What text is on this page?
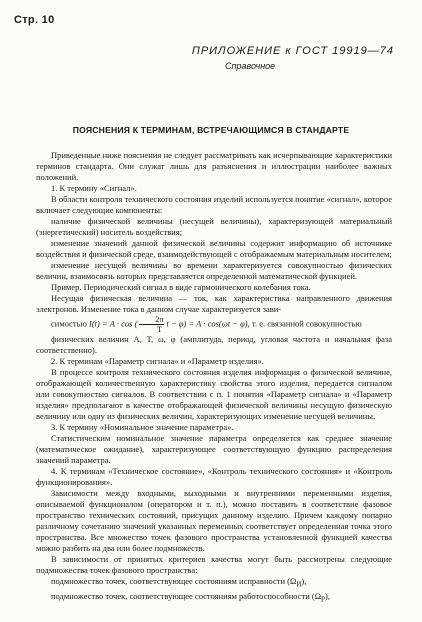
Стр. 10
ПРИЛОЖЕНИЕ к ГОСТ 19919—74
Справочное
ПОЯСНЕНИЯ К ТЕРМИНАМ, ВСТРЕЧАЮЩИМСЯ В СТАНДАРТЕ

Приведенные ниже пояснения не следует рассматривать как исчерпывающие характеристики терминов стандарта. Они служат лишь для разъяснения и иллюстрации наиболее важных положений.

1. К термину «Сигнал».

В области контроля технического состояния изделий используется понятие «сигнал», которое включает следующие компоненты:

наличие физической величины (несущей величины), характеризующей материальный (энергетический) носитель воздействия;

изменение значений данной физической величины содержит информацию об источнике воздействия и физической среде, взаимодействующей с отображаемым материальным носителем;

изменение несущей величины во времени характеризуется совокупностью физических величин, взаимосвязь которых представляется определенной математической функцией.

Пример. Периодический сигнал в виде гармонического колебания тока.

Несущая физическая величина — ток, как характеристика направленного движения электронов. Изменение тока в данном случае характеризуется зави-

симостью I(t) = A · cos ( $\frac{2\pi}{T}$ t − φ) = A · cos(ωt − φ), т. е. связанной совокупностью

физических величин A, T, ω, φ (амплитуда, период, угловая частота и начальная фаза соответственно).

2. К терминам «Параметр сигнала» и «Параметр изделия».

В процессе контроля технического состояния изделия информация о физической величине, отображающей количественную характеристику свойства этого изделия, передается сигналом или совокупностью сигналов. В соответствии с п. 1 понятия «Параметр сигнала» и «Параметр изделия» предполагают в качестве отображающей физической величины несущую физическую величину или одну из физических величин, характеризующих изменение несущей величины.

3. К термину «Номинальное значение параметра».

Статистическим номинальное значение параметра определяется как среднее значение (математическое ожидание), характеризующее соответствующую функцию распределения значений параметра.

4. К терминам «Техническое состояние», «Контроль технического состояния» и «Контроль функционирования».

Зависимости между входными, выходными и внутренними переменными изделия, описываемой функционалом (оператором и т. п.), можно поставить в соответствие фазовое пространство технических состояний, присущих данному изделию. Причем каждому попарно различному сочетанию значений указанных переменных соответствует определенная точка этого пространства. Все множество точек фазового пространства установленной функцией качества можно разбить на два или более подмножеств.

В зависимости от принятых критериев качества могут быть рассмотрены следующие подмножества точек фазового пространства:

подмножество точек, соответствующее состояниям исправности $(\Omega_И)$,

подмножество точек, соответствующее состояниям работоспособности $(\Omega_P)$,
